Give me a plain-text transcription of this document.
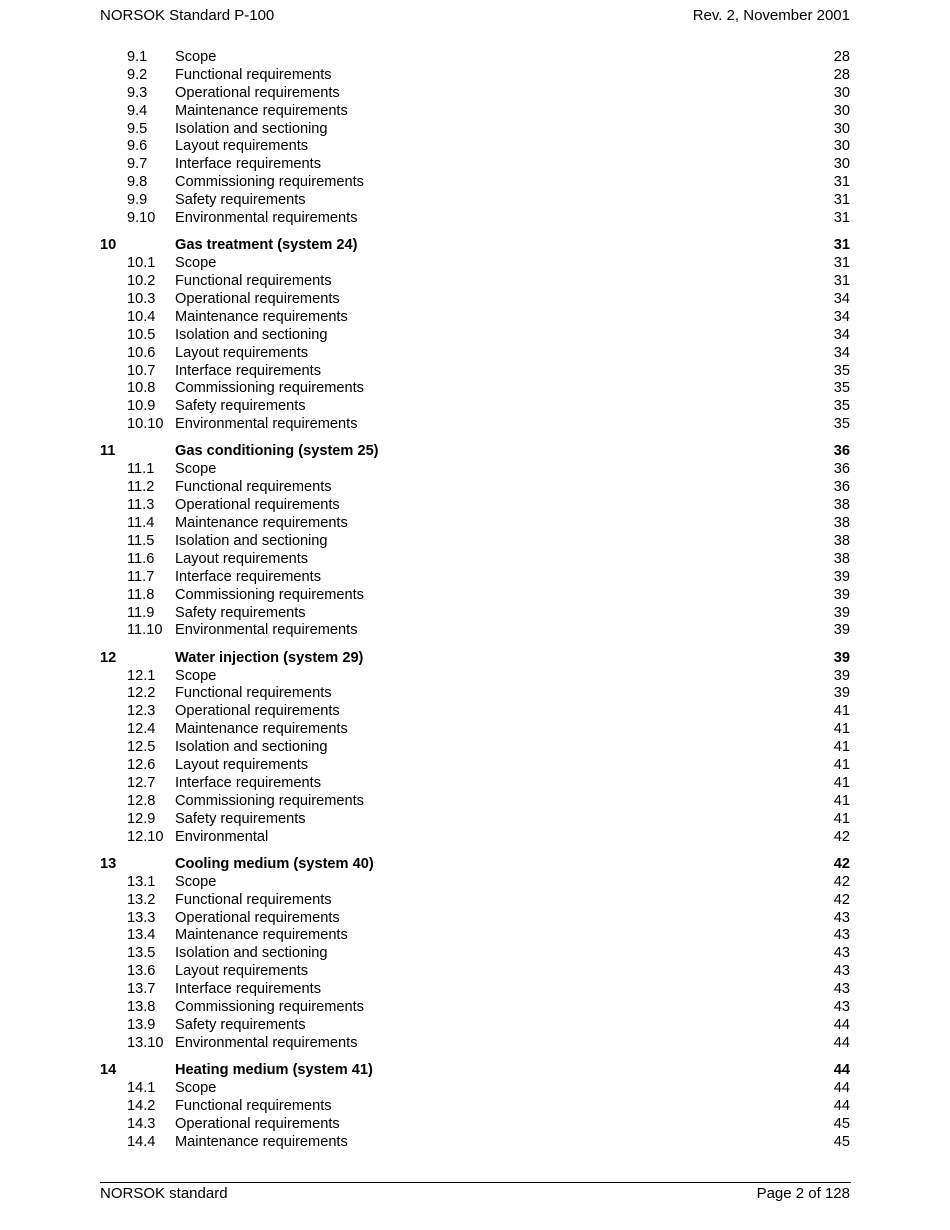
NORSOK Standard P-100	Rev. 2, November 2001
9.1 Scope	28
9.2 Functional requirements	28
9.3 Operational requirements	30
9.4 Maintenance requirements	30
9.5 Isolation and sectioning	30
9.6 Layout requirements	30
9.7 Interface requirements	30
9.8 Commissioning requirements	31
9.9 Safety requirements	31
9.10 Environmental requirements	31
10	Gas treatment (system 24)	31
10.1 Scope	31
10.2 Functional requirements	31
10.3 Operational requirements	34
10.4 Maintenance requirements	34
10.5 Isolation and sectioning	34
10.6 Layout requirements	34
10.7 Interface requirements	35
10.8 Commissioning requirements	35
10.9 Safety requirements	35
10.10 Environmental requirements	35
11	Gas conditioning (system 25)	36
11.1 Scope	36
11.2 Functional requirements	36
11.3 Operational requirements	38
11.4 Maintenance requirements	38
11.5 Isolation and sectioning	38
11.6 Layout requirements	38
11.7 Interface requirements	39
11.8 Commissioning requirements	39
11.9 Safety requirements	39
11.10 Environmental requirements	39
12	Water injection (system 29)	39
12.1 Scope	39
12.2 Functional requirements	39
12.3 Operational requirements	41
12.4 Maintenance requirements	41
12.5 Isolation and sectioning	41
12.6 Layout requirements	41
12.7 Interface requirements	41
12.8 Commissioning requirements	41
12.9 Safety requirements	41
12.10 Environmental	42
13	Cooling medium (system 40)	42
13.1 Scope	42
13.2 Functional requirements	42
13.3 Operational requirements	43
13.4 Maintenance requirements	43
13.5 Isolation and sectioning	43
13.6 Layout requirements	43
13.7 Interface requirements	43
13.8 Commissioning requirements	43
13.9 Safety requirements	44
13.10 Environmental requirements	44
14	Heating medium (system 41)	44
14.1 Scope	44
14.2 Functional requirements	44
14.3 Operational requirements	45
14.4 Maintenance requirements	45
NORSOK standard	Page 2 of 128
